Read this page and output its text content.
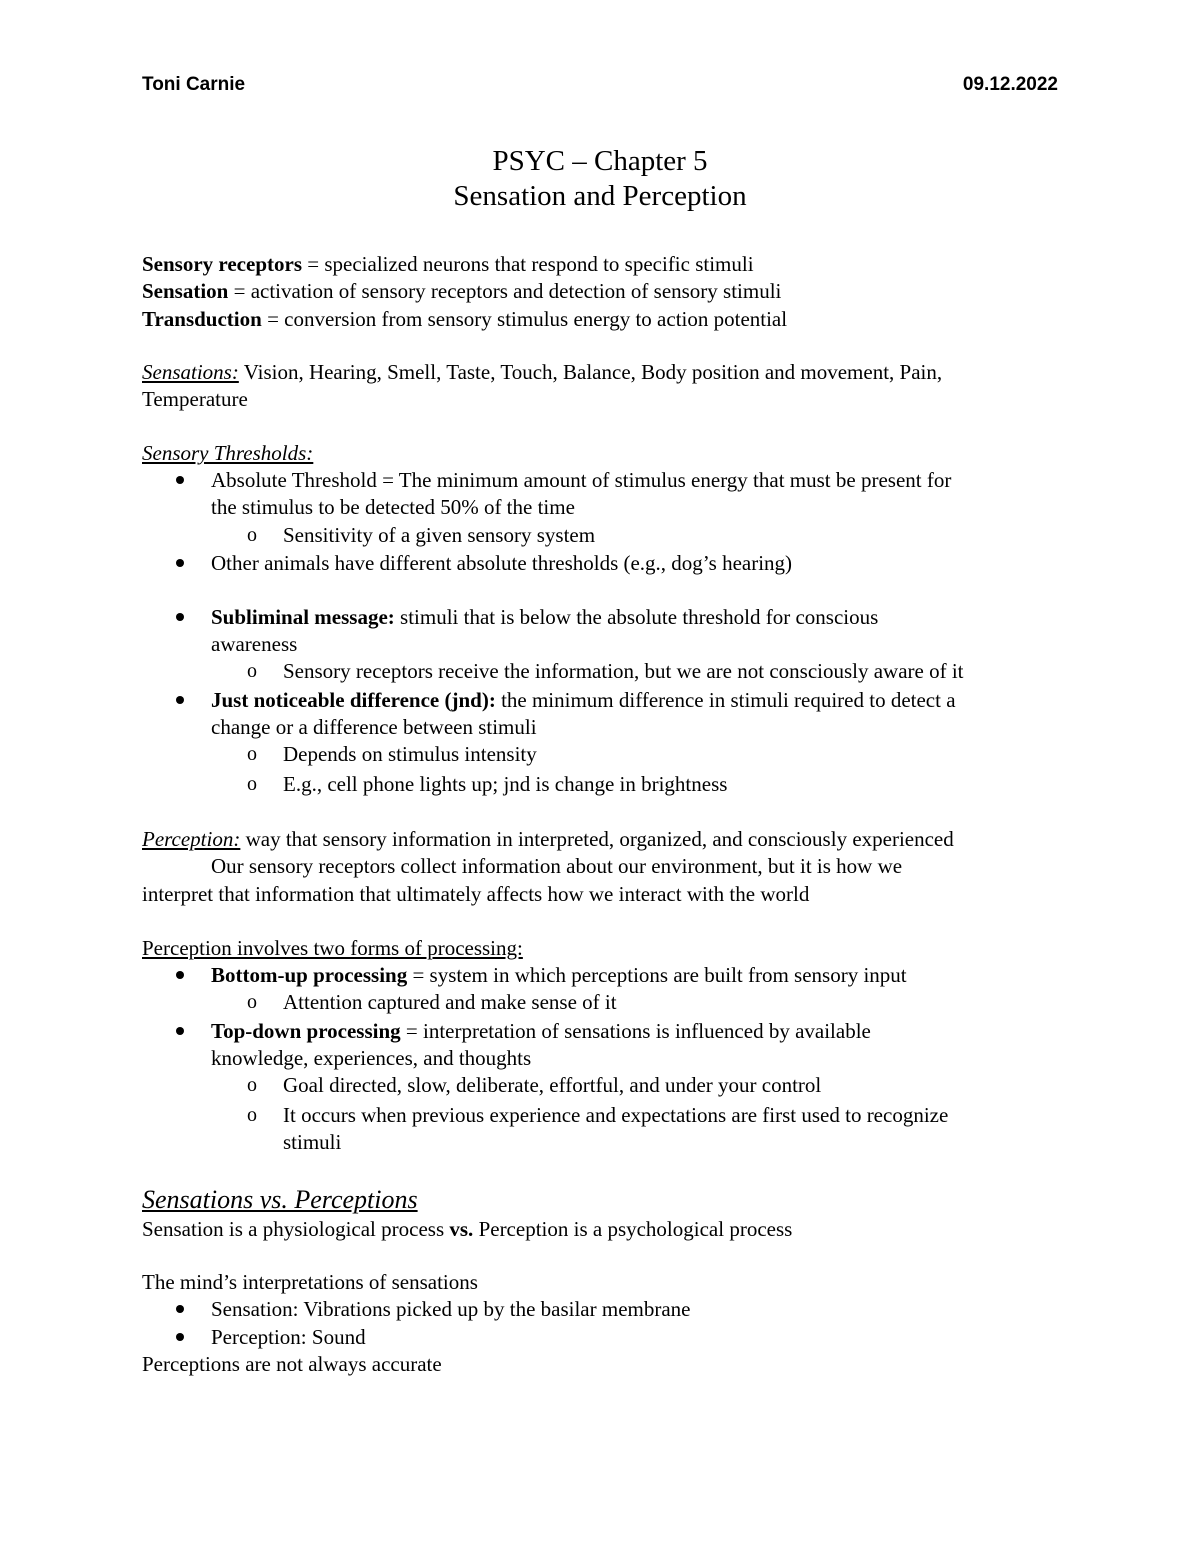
Toni Carnie	09.12.2022
PSYC – Chapter 5
Sensation and Perception
Sensory receptors = specialized neurons that respond to specific stimuli
Sensation = activation of sensory receptors and detection of sensory stimuli
Transduction = conversion from sensory stimulus energy to action potential
Sensations: Vision, Hearing, Smell, Taste, Touch, Balance, Body position and movement, Pain,
Temperature
Sensory Thresholds:
Absolute Threshold = The minimum amount of stimulus energy that must be present for
the stimulus to be detected 50% of the time
o Sensitivity of a given sensory system
Other animals have different absolute thresholds (e.g., dog’s hearing)
Subliminal message: stimuli that is below the absolute threshold for conscious
awareness
o Sensory receptors receive the information, but we are not consciously aware of it
Just noticeable difference (jnd): the minimum difference in stimuli required to detect a
change or a difference between stimuli
o Depends on stimulus intensity
o E.g., cell phone lights up; jnd is change in brightness
Perception: way that sensory information in interpreted, organized, and consciously experienced
Our sensory receptors collect information about our environment, but it is how we
interpret that information that ultimately affects how we interact with the world
Perception involves two forms of processing:
Bottom-up processing = system in which perceptions are built from sensory input
o Attention captured and make sense of it
Top-down processing = interpretation of sensations is influenced by available
knowledge, experiences, and thoughts
o Goal directed, slow, deliberate, effortful, and under your control
o It occurs when previous experience and expectations are first used to recognize
stimuli
Sensations vs. Perceptions
Sensation is a physiological process vs. Perception is a psychological process
The mind’s interpretations of sensations
Sensation: Vibrations picked up by the basilar membrane
Perception: Sound
Perceptions are not always accurate
